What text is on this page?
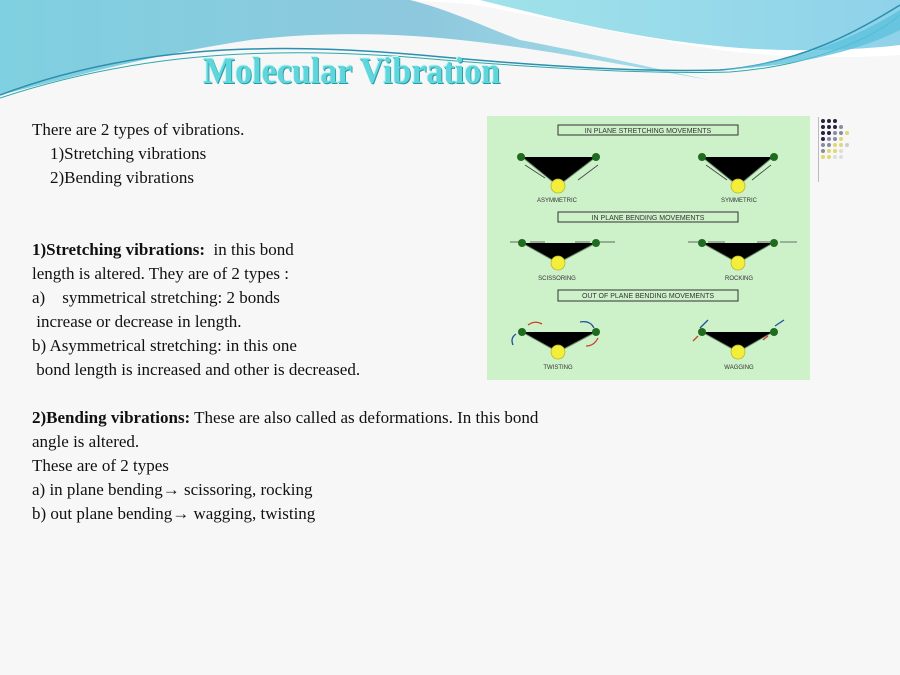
Molecular Vibration
There are 2 types of vibrations.
1)Stretching vibrations
2)Bending vibrations
1)Stretching vibrations:  in this bond
length is altered. They are of 2 types :
a)    symmetrical stretching: 2 bonds
increase or decrease in length.
b) Asymmetrical stretching: in this one
bond length is increased and other is decreased.
2)Bending vibrations: These are also called as deformations. In this bond
angle is altered.
These are of 2 types
a) in plane bending→ scissoring, rocking
b) out plane bending→ wagging, twisting
IN PLANE STRETCHING MOVEMENTS
IN PLANE BENDING MOVEMENTS
OUT OF PLANE BENDING MOVEMENTS
ASYMMETRIC	SYMMETRIC
SCISSORING	ROCKING
TWISTING	WAGGING
